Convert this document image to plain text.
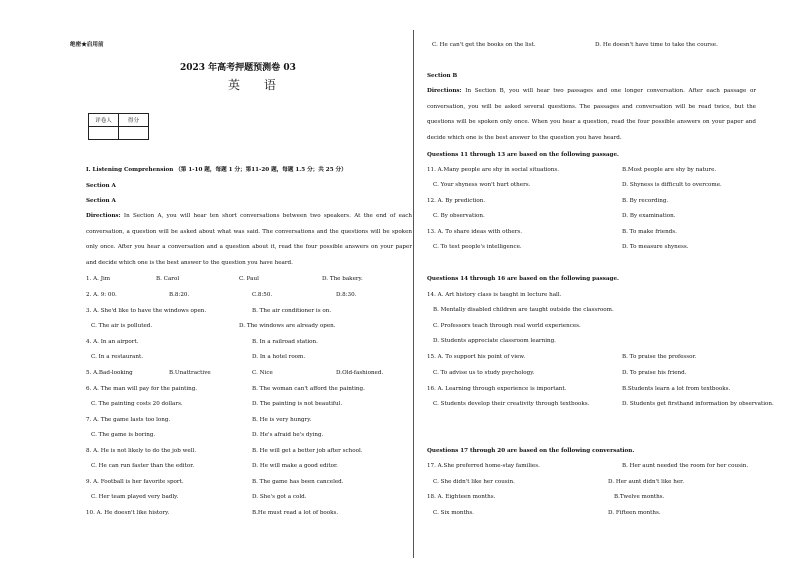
绝密★启用前
2023 年高考押题预测卷 03
英 语
评卷人	得分

I. Listening Comprehension （第 1-10 题，每题 1 分；第11-20 题，每题 1.5 分；共 25 分）
Section A
Section A
Directions: In Section A, you will hear ten short conversations between two speakers. At the end of each conversation, a question will be asked about what was said. The conversations and the questions will be spoken only once. After you hear a conversation and a question about it, read the four possible answers on your paper and decide which one is the best answer to the question you have heard.
1. A. Jim	B. Carol	C. Paul	D. The bakery.
2. A. 9: 00.	B.8:20.	C.8:50.	D.8:30.
3. A. She'd like to have the windows open.	B. The air conditioner is on.
C. The air is polluted.	D. The windows are already open.
4. A. In an airport.	B. In a railroad station.
C. In a restaurant.	D. In a hotel room.
5. A.Bad-looking	B.Unattractive	C. Nice	D.Old-fashioned.
6. A. The man will pay for the painting.	B. The woman can't afford the painting.
C. The painting costs 20 dollars.	D. The painting is not beautiful.
7. A. The game lasts too long.	B. He is very hungry.
C. The game is boring.	D. He's afraid he's dying.
8. A. He is not likely to do the job well.	B. He will get a better job after school.
C. He can run faster than the editor.	D. He will make a good editor.
9. A. Football is her favorite sport.	B. The game has been canceled.
C. Her team played very badly.	D. She's got a cold.
10. A. He doesn't like history.	B.He must read a lot of books.
C. He can't get the books on the list.	D. He doesn't have time to take the course.
Section B
Directions: In Section B, you will hear two passages and one longer conversation. After each passage or conversation, you will be asked several questions. The passages and conversation will be read twice, but the questions will be spoken only once. When you hear a question, read the four possible answers on your paper and decide which one is the best answer to the question you have heard.
Questions 11 through 13 are based on the following passage.
11. A.Many people are shy in social situations.	B.Most people are shy by nature.
C. Your shyness won't hurt others.	D. Shyness is difficult to overcome.
12. A. By prediction.	B. By recording.
C. By observation.	D. By examination.
13. A. To share ideas with others.	B. To make friends.
C. To test people's intelligence.	D. To measure shyness.
Questions 14 through 16 are based on the following passage.
14. A. Art history class is taught in lecture hall.
B. Mentally disabled children are taught outside the classroom.
C. Professors teach through real world experiences.
D. Students appreciate classroom learning.
15. A. To support his point of view.	B. To praise the professor.
C. To advise us to study psychology.	D. To praise his friend.
16. A. Learning through experience is important.	B.Students learn a lot from textbooks.
C. Students develop their creativity through textbooks.	D. Students get firsthand information by observation.
Questions 17 through 20 are based on the following conversation.
17. A.She preferred home-stay families.	B. Her aunt needed the room for her cousin.
C. She didn't like her cousin.	D. Her aunt didn't like her.
18. A. Eighteen months.	B.Twelve months.
C. Six months.	D. Fifteen months.
